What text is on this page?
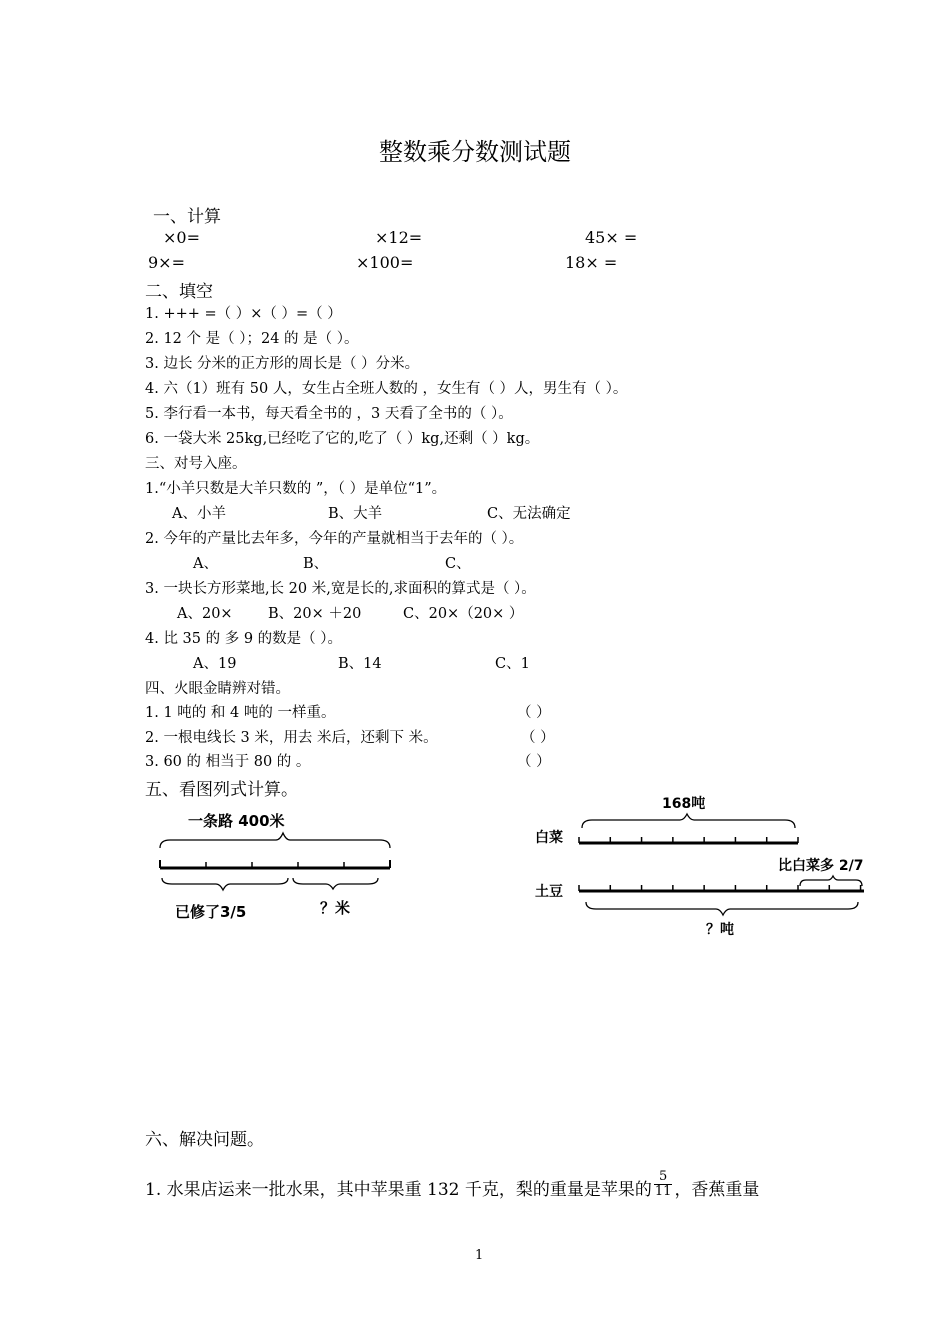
整数乘分数测试题
一、计算
×0=	×12=	45× =
9×=	×100=	18× =
二、填空
1. +++ =（ ）×（ ）=（ ）
2. 12 个 是（ ）；24 的 是（ ）。
3. 边长 分米的正方形的周长是（ ）分米。
4. 六（1）班有 50 人，女生占全班人数的 ，女生有（ ）人，男生有（ ）。
5. 李行看一本书，每天看全书的 ，3 天看了全书的（ ）。
6. 一袋大米 25kg,已经吃了它的,吃了（ ）kg,还剩（ ）kg。
三、对号入座。
1.“小羊只数是大羊只数的 ”，（ ）是单位“1”。
A、小羊	B、大羊	C、无法确定
2. 今年的产量比去年多，今年的产量就相当于去年的（ ）。
A、	B、	C、
3. 一块长方形菜地,长 20 米,宽是长的,求面积的算式是（ ）。
A、20× B、20× ＋20	C、20×（20× ）
4. 比 35 的 多 9 的数是（ ）。
A、19	B、14	C、1
四、火眼金睛辨对错。
1. 1 吨的 和 4 吨的 一样重。	（ ）
2. 一根电线长 3 米，用去 米后，还剩下 米。	（ ）
3. 60 的 相当于 80 的 。	（ ）
五、看图列式计算。
一条路 400米
已修了3/5	？米
168吨
白菜
比白菜多 2/7
土豆
？吨
六、解决问题。
1. 水果店运来一批水果，其中苹果重 132 千克，梨的重量是苹果的 $\frac{5}{11}$ ，香蕉重量
1
